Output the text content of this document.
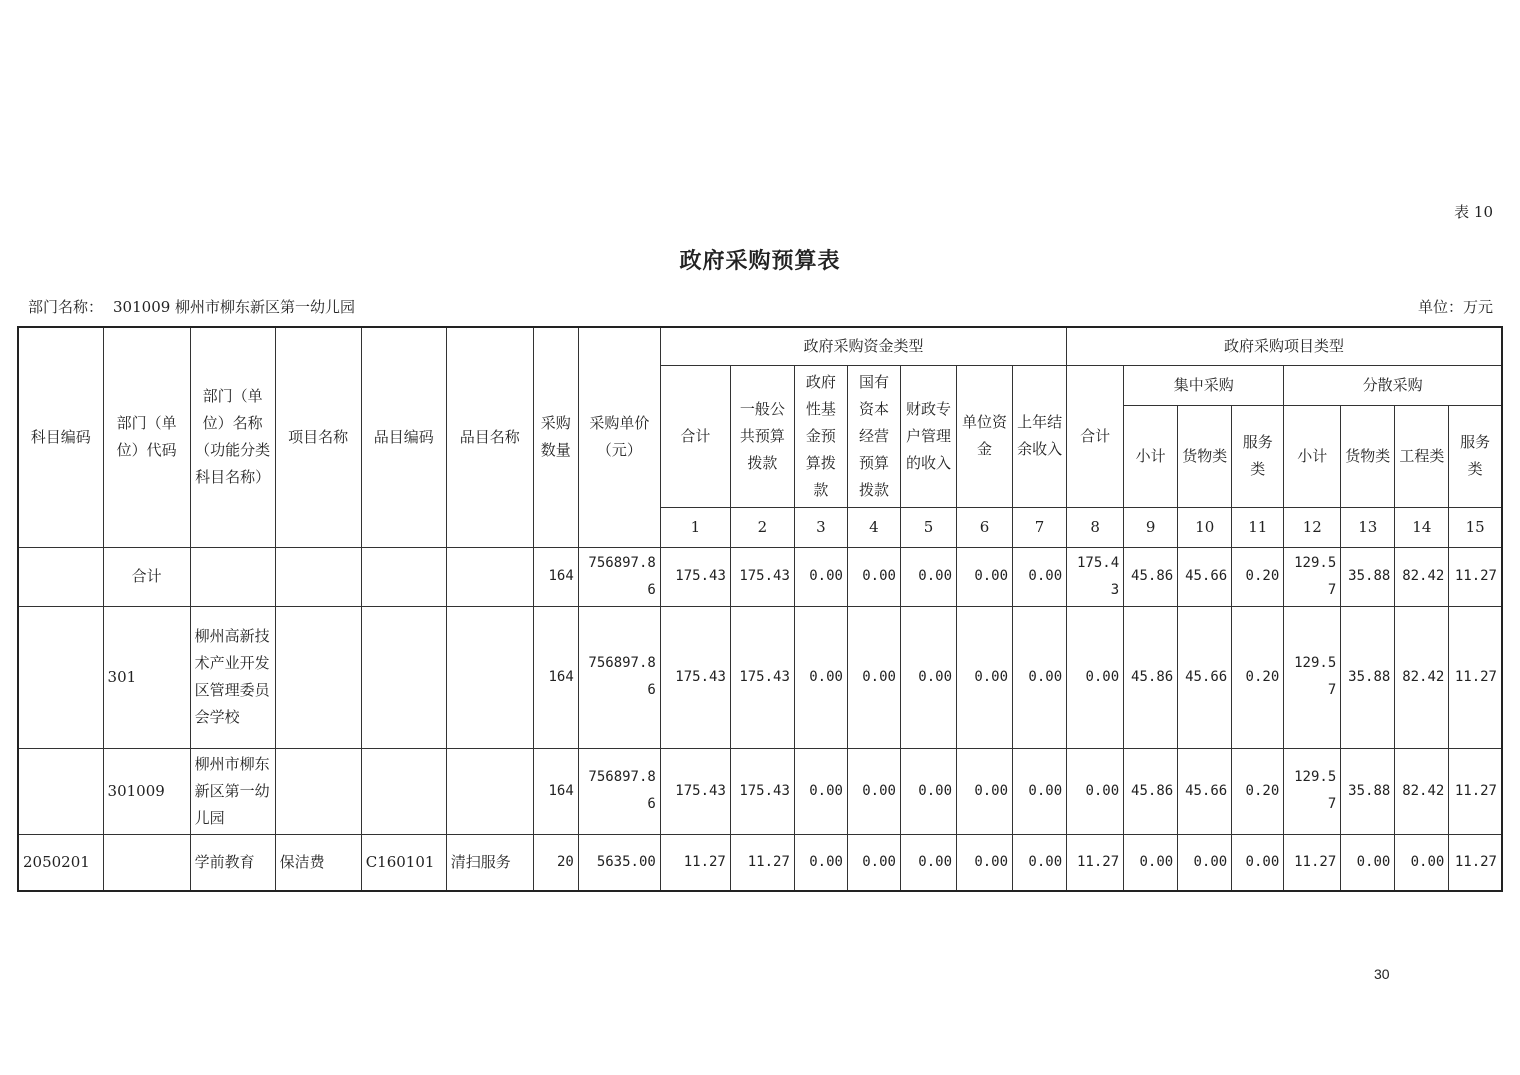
表 10
政府采购预算表
部门名称： 301009 柳州市柳东新区第一幼儿园	单位：万元
科目编码	部门（单位）代码	部门（单位）名称（功能分类科目名称）	项目名称	品目编码	品目名称	采购数量	采购单价（元）	政府采购资金类型							政府采购项目类型							
								合计	一般公共预算拨款	政府性基金预算拨款	国有资本经营预算拨款	财政专户管理的收入	单位资金	上年结余收入	合计	集中采购			分散采购			
																小计	货物类	服务类	小计	货物类	工程类	服务类
								1	2	3	4	5	6	7	8	9	10	11	12	13	14	15
	合计					164	756897.86	175.43	175.43	0.00	0.00	0.00	0.00	0.00	175.43	45.86	45.66	0.20	129.57	35.88	82.42	11.27
	301	柳州高新技术产业开发区管理委员会学校				164	756897.86	175.43	175.43	0.00	0.00	0.00	0.00	0.00	0.00	45.86	45.66	0.20	129.57	35.88	82.42	11.27
	301009	柳州市柳东新区第一幼儿园				164	756897.86	175.43	175.43	0.00	0.00	0.00	0.00	0.00	0.00	45.86	45.66	0.20	129.57	35.88	82.42	11.27
2050201		学前教育	保洁费	C160101	清扫服务	20	5635.00	11.27	11.27	0.00	0.00	0.00	0.00	0.00	11.27	0.00	0.00	0.00	11.27	0.00	0.00	11.27
30
